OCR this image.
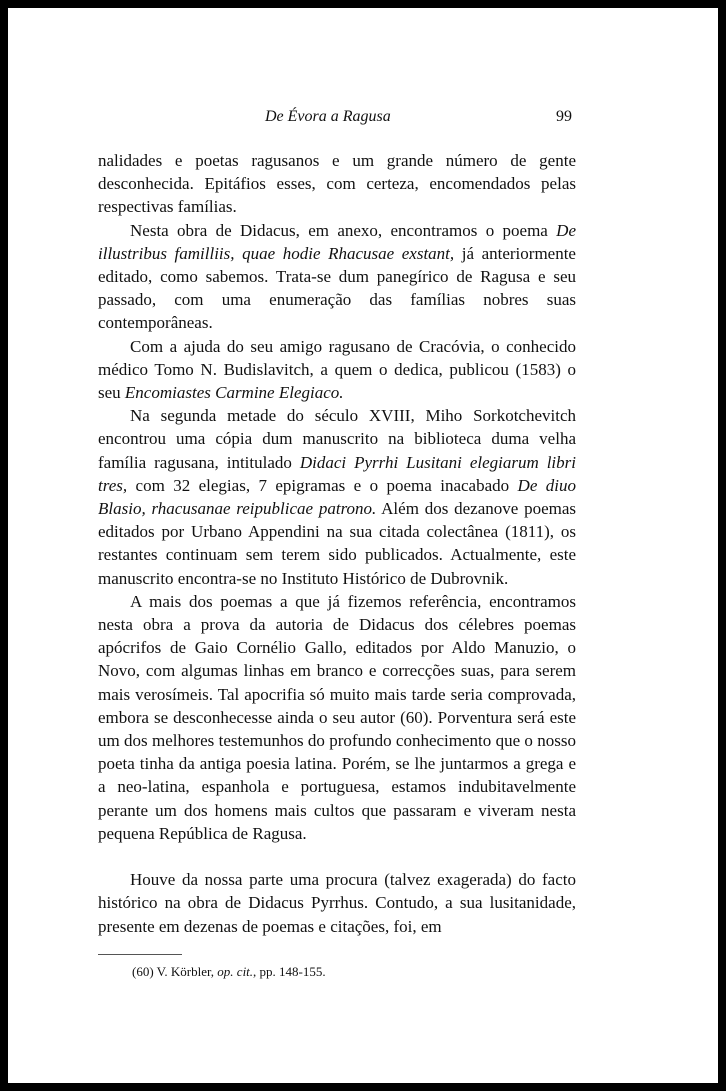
De Évora a Ragusa	99

nalidades e poetas ragusanos e um grande número de gente desconhecida. Epitáfios esses, com certeza, encomendados pelas respectivas famílias.

Nesta obra de Didacus, em anexo, encontramos o poema De illustribus familliis, quae hodie Rhacusae exstant, já anteriormente editado, como sabemos. Trata-se dum panegírico de Ragusa e seu passado, com uma enumeração das famílias nobres suas contemporâneas.

Com a ajuda do seu amigo ragusano de Cracóvia, o conhecido médico Tomo N. Budislavitch, a quem o dedica, publicou (1583) o seu Encomiastes Carmine Elegiaco.

Na segunda metade do século XVIII, Miho Sorkotchevitch encontrou uma cópia dum manuscrito na biblioteca duma velha família ragusana, intitulado Didaci Pyrrhi Lusitani elegiarum libri tres, com 32 elegias, 7 epigramas e o poema inacabado De diuo Blasio, rhacusanae reipublicae patrono. Além dos dezanove poemas editados por Urbano Appendini na sua citada colectânea (1811), os restantes continuam sem terem sido publicados. Actualmente, este manuscrito encontra-se no Instituto Histórico de Dubrovnik.

A mais dos poemas a que já fizemos referência, encontramos nesta obra a prova da autoria de Didacus dos célebres poemas apócrifos de Gaio Cornélio Gallo, editados por Aldo Manuzio, o Novo, com algumas linhas em branco e correcções suas, para serem mais verosímeis. Tal apocrifia só muito mais tarde seria comprovada, embora se desconhecesse ainda o seu autor (60). Porventura será este um dos melhores testemunhos do profundo conhecimento que o nosso poeta tinha da antiga poesia latina. Porém, se lhe juntarmos a grega e a neo-latina, espanhola e portuguesa, estamos indubitavelmente perante um dos homens mais cultos que passaram e viveram nesta pequena República de Ragusa.

Houve da nossa parte uma procura (talvez exagerada) do facto histórico na obra de Didacus Pyrrhus. Contudo, a sua lusitanidade, presente em dezenas de poemas e citações, foi, em

(60) V. Körbler, op. cit., pp. 148-155.
